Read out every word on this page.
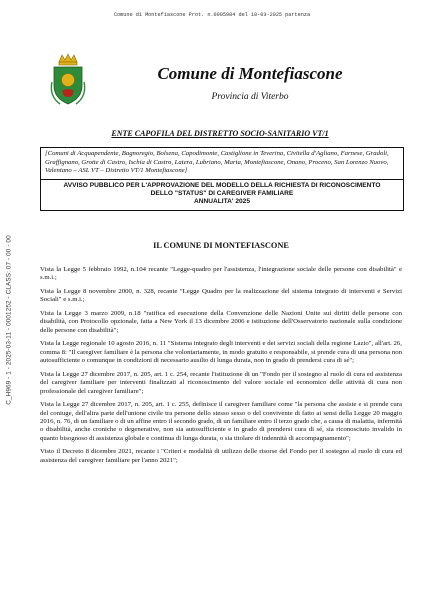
Comune di Montefiascone Prot. n.0005984 del 10-03-2025 partenza
C_H969 - 1 - 2025-03-11 - 0001252 - CLASS: 07 - 00 - 00
Comune di Montefiascone
Provincia di Viterbo
ENTE CAPOFILA DEL DISTRETTO SOCIO-SANITARIO VT/1
[Comuni di Acquapendente, Bagnoregio, Bolsena, Capodimonte, Castiglione in Teverina, Civitella d'Agliano, Farnese, Gradoli, Graffignano, Grotte di Castro, Ischia di Castro, Latera, Lubriano, Marta, Montefiascone, Onano, Proceno, San Lorenzo Nuovo, Valentano – ASL VT – Distretto VT/1 Montefiascone]
AVVISO PUBBLICO PER L'APPROVAZIONE DEL MODELLO DELLA RICHIESTA DI RICONOSCIMENTO
DELLO "STATUS" DI CAREGIVER FAMILIARE
ANNUALITA' 2025
IL COMUNE DI MONTEFIASCONE

Vista la Legge 5 febbraio 1992, n.104 recante "Legge-quadro per l'assistenza, l'integrazione sociale delle persone con disabilità" e s.m.i.;

Vista la Legge 8 novembre 2000, n. 328, recante "Legge Quadro per la realizzazione del sistema integrato di interventi e Servizi Sociali" e s.m.i.;

Vista la Legge 3 marzo 2009, n.18 "ratifica ed esecuzione della Convenzione delle Nazioni Unite sui diritti delle persone con disabilità, con Protocollo opzionale, fatta a New York il 13 dicembre 2006 e istituzione dell'Osservatorio nazionale sulla condizione delle persone con disabilità";

Vista la Legge regionale 10 agosto 2016, n. 11 "Sistema integrato degli interventi e dei servizi sociali della regione Lazio", all'art. 26, comma 8: "Il caregiver familiare è la persona che volontariamente, in modo gratuito e responsabile, si prende cura di una persona non autosufficiente o comunque in condizioni di necessario ausilio di lunga durata, non in grado di prendersi cura di sé";

Vista la Legge 27 dicembre 2017, n. 205, art. 1 c. 254, recante l'istituzione di un "Fondo per il sostegno al ruolo di cura ed assistenza del caregiver familiare per interventi finalizzati al riconoscimento del valore sociale ed economico delle attività di cura non professionale del caregiver familiare";

Vista la Legge 27 dicembre 2017, n. 205, art. 1 c. 255, definisce il caregiver familiare come "la persona che assiste e si prende cura del coniuge, dell'altra parte dell'unione civile tra persone dello stesso sesso o del convivente di fatto ai sensi della Legge 20 maggio 2016, n. 76, di un familiare o di un affine entro il secondo grado, di un familiare entro il terzo grado che, a causa di malattia, infermità o disabilità, anche croniche o degenerative, non sia autosufficiente e in grado di prendersi cura di sé, sia riconosciuto invalido in quanto bisognoso di assistenza globale e continua di lunga durata, o sia titolare di indennità di accompagnamento";

Visto il Decreto 8 dicembre 2021, recante i "Criteri e modalità di utilizzo delle risorse del Fondo per il sostegno al ruolo di cura ed assistenza del caregiver familiare per l'anno 2021";
